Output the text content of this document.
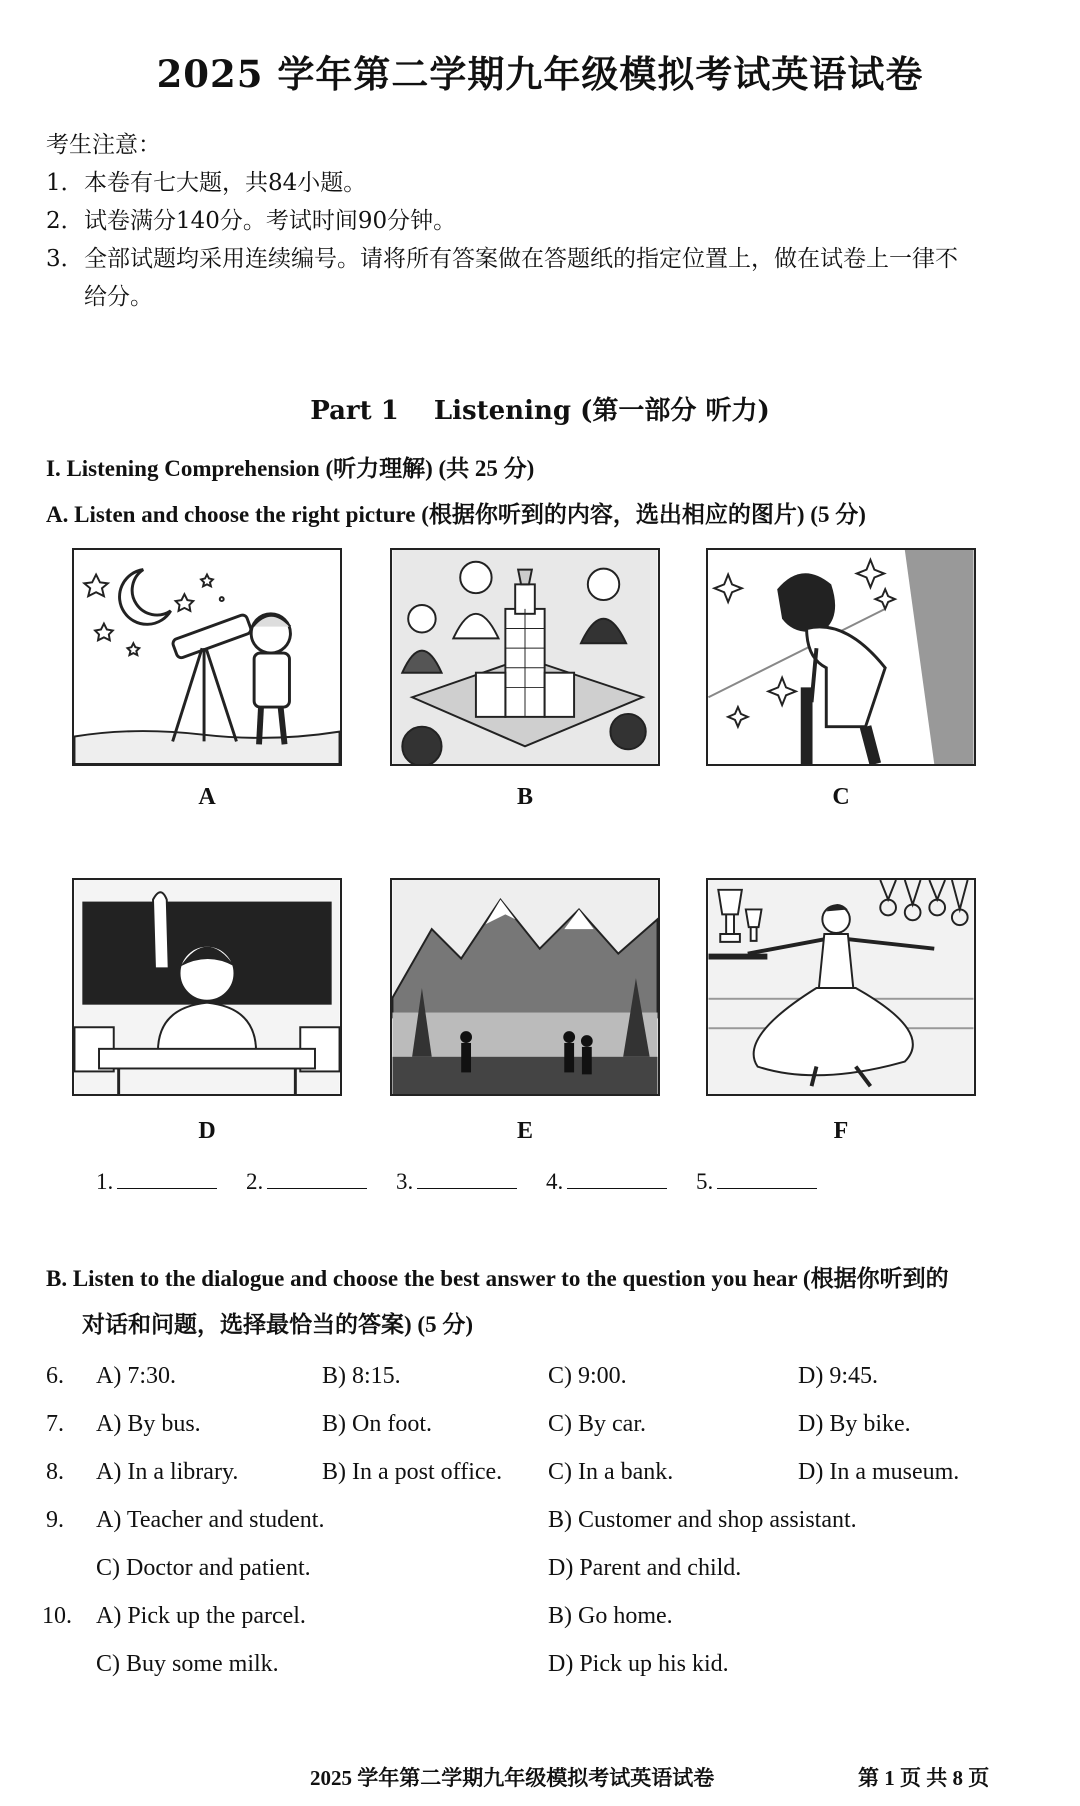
2025 学年第二学期九年级模拟考试英语试卷
考生注意：
1．本卷有七大题，共84小题。
2．试卷满分140分。考试时间90分钟。
3．全部试题均采用连续编号。请将所有答案做在答题纸的指定位置上，做在试卷上一律不
给分。
Part 1　 Listening (第一部分 听力)
I. Listening Comprehension (听力理解) (共 25 分)
A. Listen and choose the right picture (根据你听到的内容，选出相应的图片) (5 分)
A	B	C
D	E	F
1.	2.	3.	4.	5.
B. Listen to the dialogue and choose the best answer to the question you hear (根据你听到的
对话和问题，选择最恰当的答案) (5 分)
6. A) 7:30.	B) 8:15.	C) 9:00.	D) 9:45.
7. A) By bus.	B) On foot.	C) By car.	D) By bike.
8. A) In a library.	B) In a post office. C) In a bank.	D) In a museum.
9. A) Teacher and student.	B) Customer and shop assistant.
C) Doctor and patient.	D) Parent and child.
10. A) Pick up the parcel.	B) Go home.
C) Buy some milk.	D) Pick up his kid.
2025 学年第二学期九年级模拟考试英语试卷	第 1 页 共 8 页
